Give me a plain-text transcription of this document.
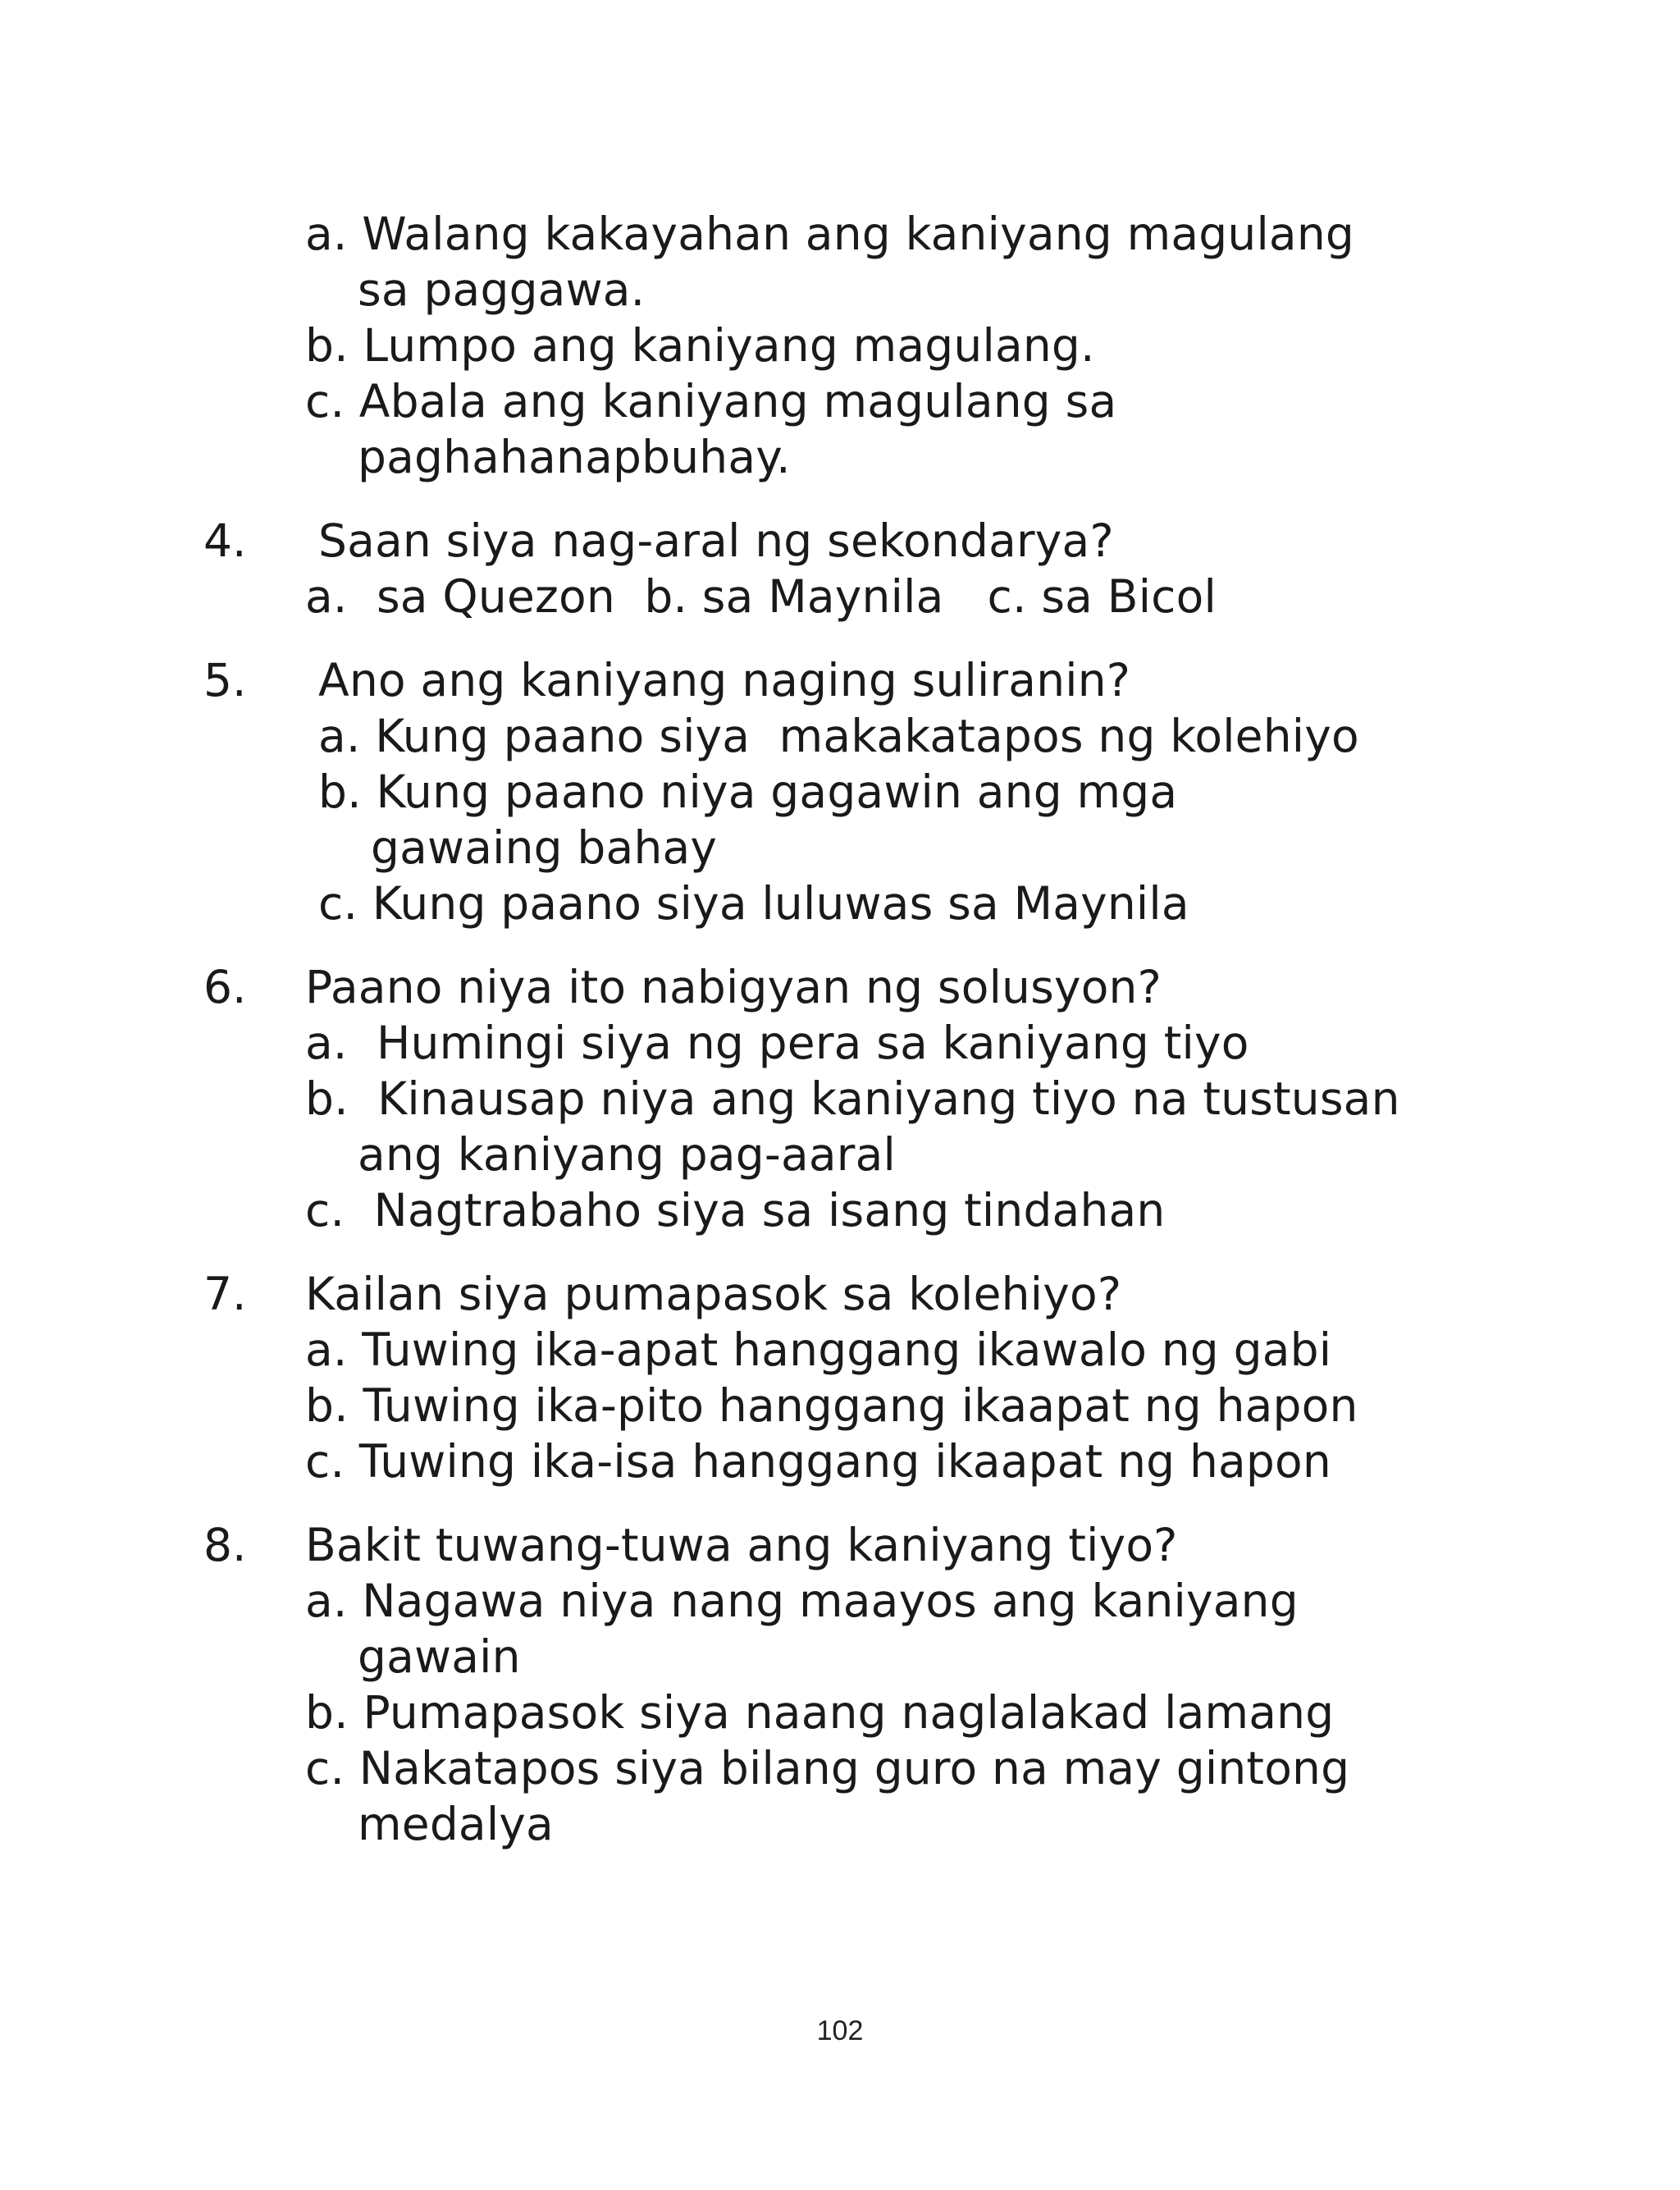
a. Walang kakayahan ang kaniyang magulang
sa paggawa.
b. Lumpo ang kaniyang magulang.
c. Abala ang kaniyang magulang sa
paghahanapbuhay.
4. Saan siya nag-aral ng sekondarya?
a.  sa Quezon  b. sa Maynila   c. sa Bicol
5. Ano ang kaniyang naging suliranin?
a. Kung paano siya  makakatapos ng kolehiyo
b. Kung paano niya gagawin ang mga
gawaing bahay
c. Kung paano siya luluwas sa Maynila
6. Paano niya ito nabigyan ng solusyon?
a.  Humingi siya ng pera sa kaniyang tiyo
b.  Kinausap niya ang kaniyang tiyo na tustusan
ang kaniyang pag-aaral
c.  Nagtrabaho siya sa isang tindahan
7. Kailan siya pumapasok sa kolehiyo?
a. Tuwing ika-apat hanggang ikawalo ng gabi
b. Tuwing ika-pito hanggang ikaapat ng hapon
c. Tuwing ika-isa hanggang ikaapat ng hapon
8. Bakit tuwang-tuwa ang kaniyang tiyo?
a. Nagawa niya nang maayos ang kaniyang
gawain
b. Pumapasok siya naang naglalakad lamang
c. Nakatapos siya bilang guro na may gintong
medalya
102
